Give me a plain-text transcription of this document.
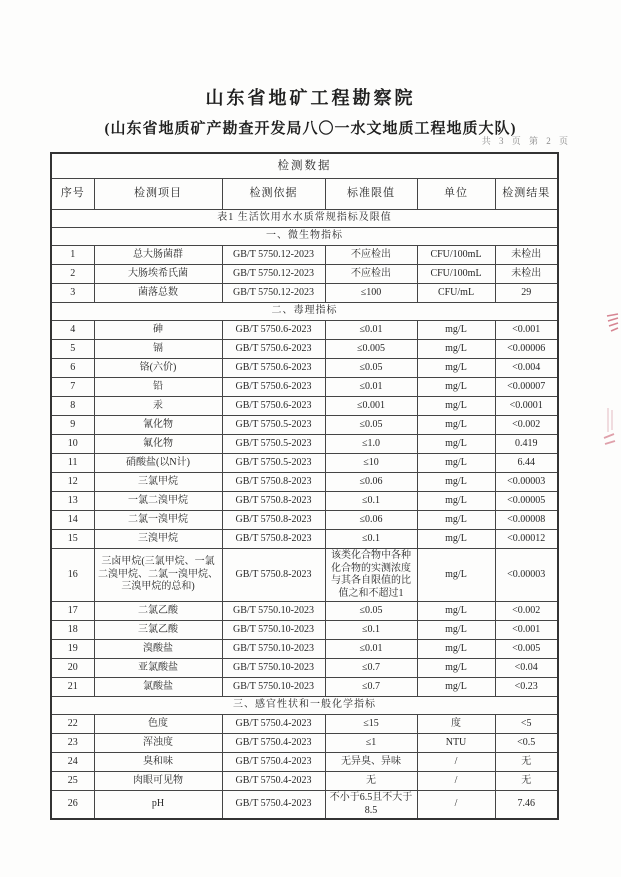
山东省地矿工程勘察院
(山东省地质矿产勘查开发局八〇一水文地质工程地质大队)
共 3 页 第 2 页
检测数据					
序号	检测项目	检测依据	标准限值	单位	检测结果
表1 生活饮用水水质常规指标及限值					
一、微生物指标					
1	总大肠菌群	GB/T 5750.12-2023	不应检出	CFU/100mL	未检出
2	大肠埃希氏菌	GB/T 5750.12-2023	不应检出	CFU/100mL	未检出
3	菌落总数	GB/T 5750.12-2023	≤100	CFU/mL	29
二、毒理指标					
4	砷	GB/T 5750.6-2023	≤0.01	mg/L	<0.001
5	镉	GB/T 5750.6-2023	≤0.005	mg/L	<0.00006
6	铬(六价)	GB/T 5750.6-2023	≤0.05	mg/L	<0.004
7	铅	GB/T 5750.6-2023	≤0.01	mg/L	<0.00007
8	汞	GB/T 5750.6-2023	≤0.001	mg/L	<0.0001
9	氰化物	GB/T 5750.5-2023	≤0.05	mg/L	<0.002
10	氟化物	GB/T 5750.5-2023	≤1.0	mg/L	0.419
11	硝酸盐(以N计)	GB/T 5750.5-2023	≤10	mg/L	6.44
12	三氯甲烷	GB/T 5750.8-2023	≤0.06	mg/L	<0.00003
13	一氯二溴甲烷	GB/T 5750.8-2023	≤0.1	mg/L	<0.00005
14	二氯一溴甲烷	GB/T 5750.8-2023	≤0.06	mg/L	<0.00008
15	三溴甲烷	GB/T 5750.8-2023	≤0.1	mg/L	<0.00012
16	三卤甲烷(三氯甲烷、一氯二溴甲烷、二氯一溴甲烷、三溴甲烷的总和)	GB/T 5750.8-2023	该类化合物中各种化合物的实测浓度与其各自限值的比值之和不超过1	mg/L	<0.00003
17	二氯乙酸	GB/T 5750.10-2023	≤0.05	mg/L	<0.002
18	三氯乙酸	GB/T 5750.10-2023	≤0.1	mg/L	<0.001
19	溴酸盐	GB/T 5750.10-2023	≤0.01	mg/L	<0.005
20	亚氯酸盐	GB/T 5750.10-2023	≤0.7	mg/L	<0.04
21	氯酸盐	GB/T 5750.10-2023	≤0.7	mg/L	<0.23
三、感官性状和一般化学指标					
22	色度	GB/T 5750.4-2023	≤15	度	<5
23	浑浊度	GB/T 5750.4-2023	≤1	NTU	<0.5
24	臭和味	GB/T 5750.4-2023	无异臭、异味	/	无
25	肉眼可见物	GB/T 5750.4-2023	无	/	无
26	pH	GB/T 5750.4-2023	不小于6.5且不大于8.5	/	7.46
